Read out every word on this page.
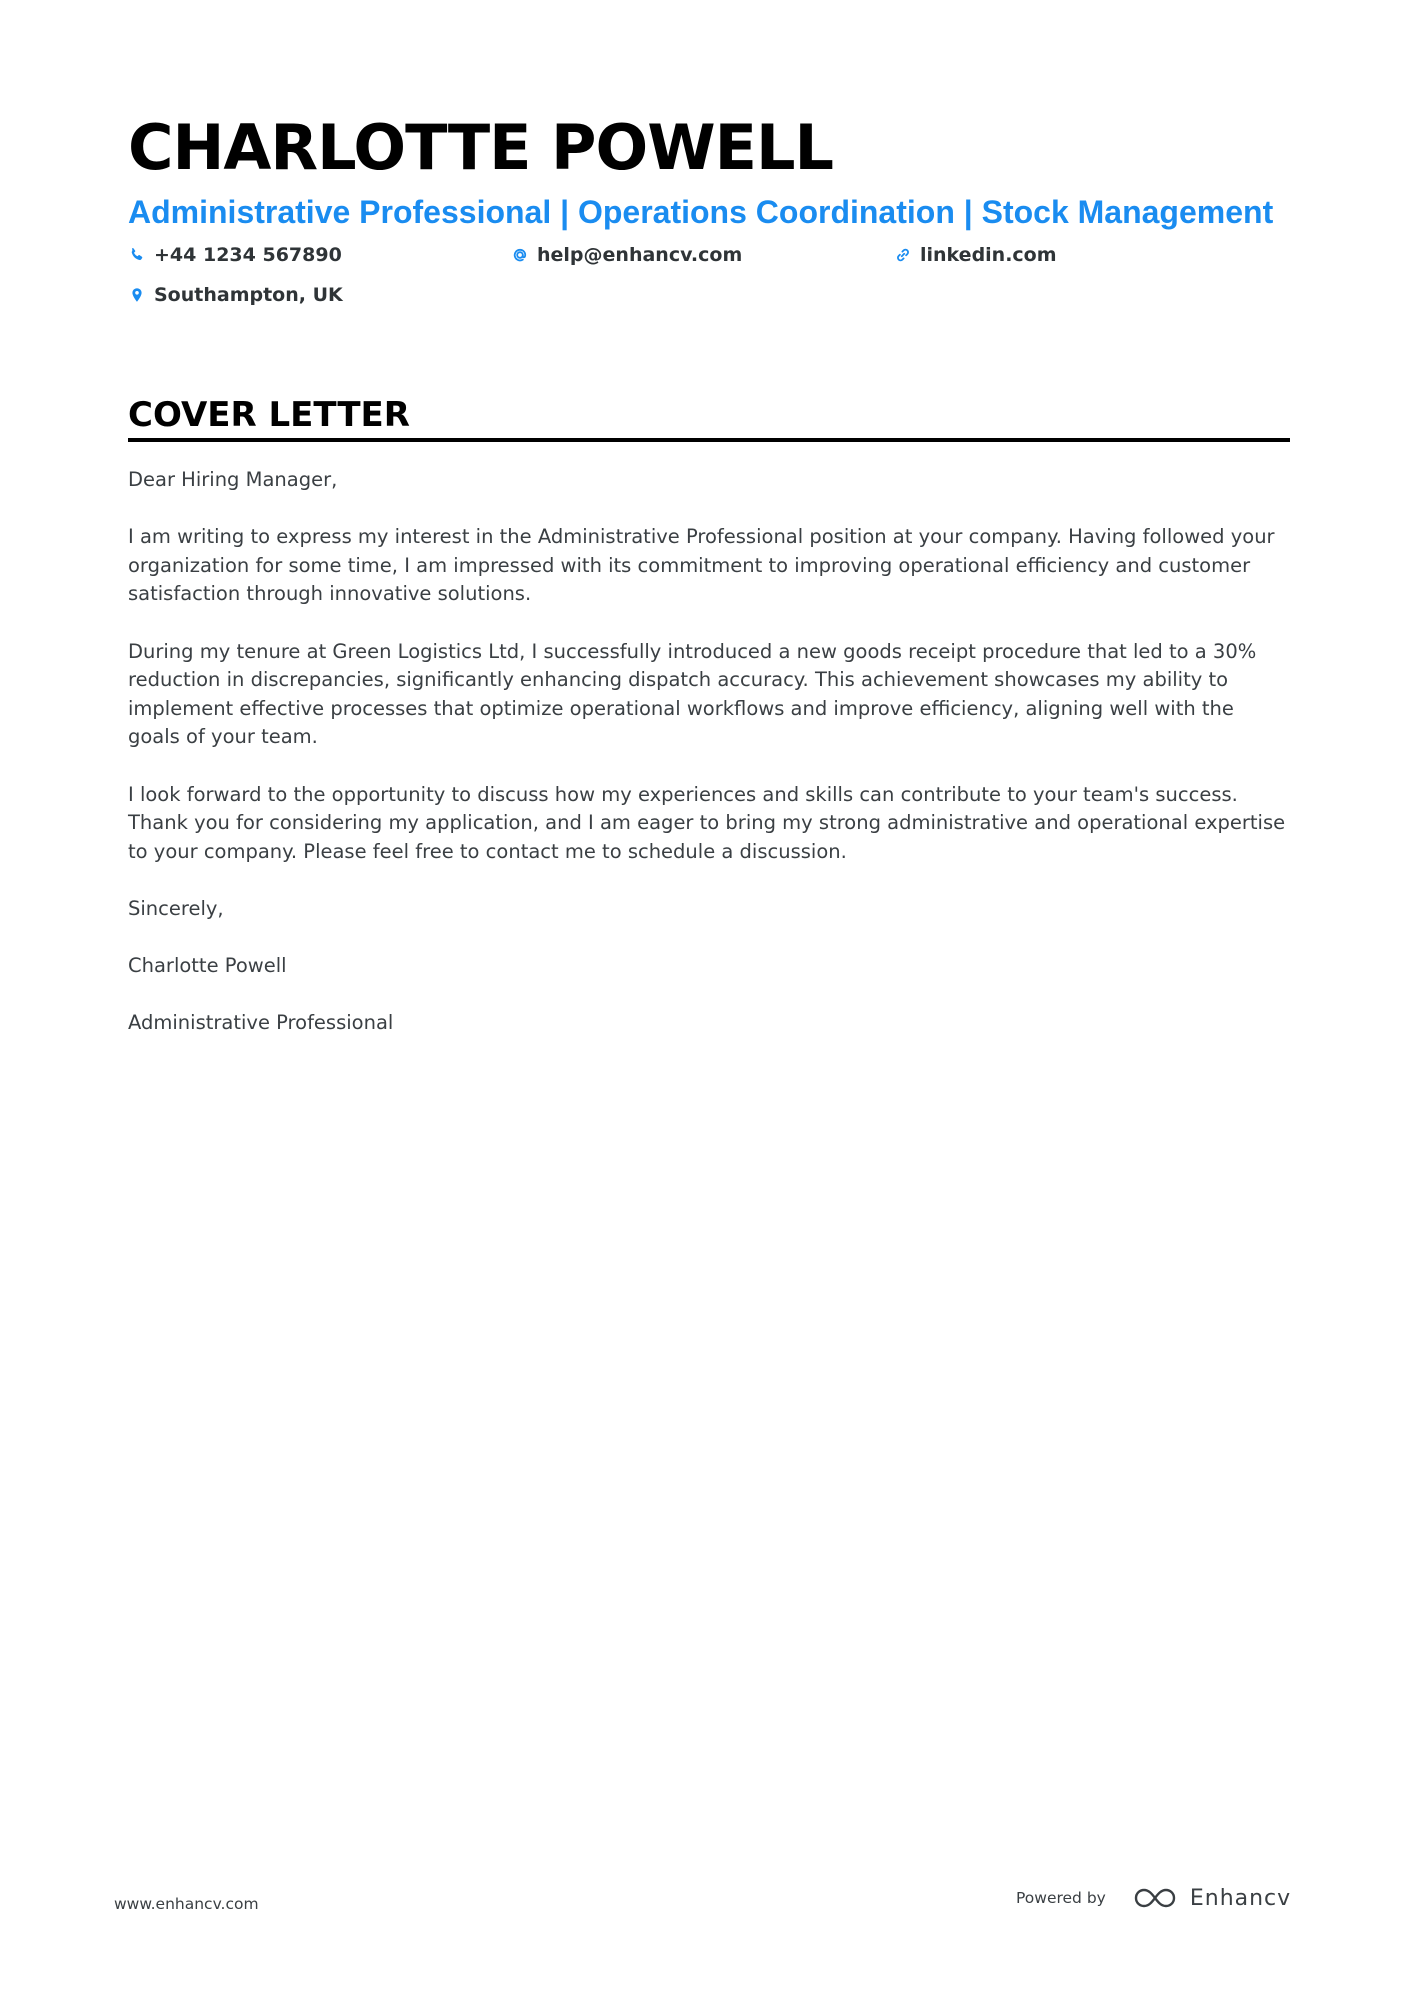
CHARLOTTE POWELL
Administrative Professional | Operations Coordination | Stock Management
+44 1234 567890	help@enhancv.com	linkedin.com
Southampton, UK
COVER LETTER

Dear Hiring Manager,

I am writing to express my interest in the Administrative Professional position at your company. Having followed your organization for some time, I am impressed with its commitment to improving operational efficiency and customer satisfaction through innovative solutions.

During my tenure at Green Logistics Ltd, I successfully introduced a new goods receipt procedure that led to a 30% reduction in discrepancies, significantly enhancing dispatch accuracy. This achievement showcases my ability to implement effective processes that optimize operational workflows and improve efficiency, aligning well with the goals of your team.

I look forward to the opportunity to discuss how my experiences and skills can contribute to your team's success. Thank you for considering my application, and I am eager to bring my strong administrative and operational expertise to your company. Please feel free to contact me to schedule a discussion.

Sincerely,

Charlotte Powell

Administrative Professional

www.enhancv.com	Powered by	Enhancv
